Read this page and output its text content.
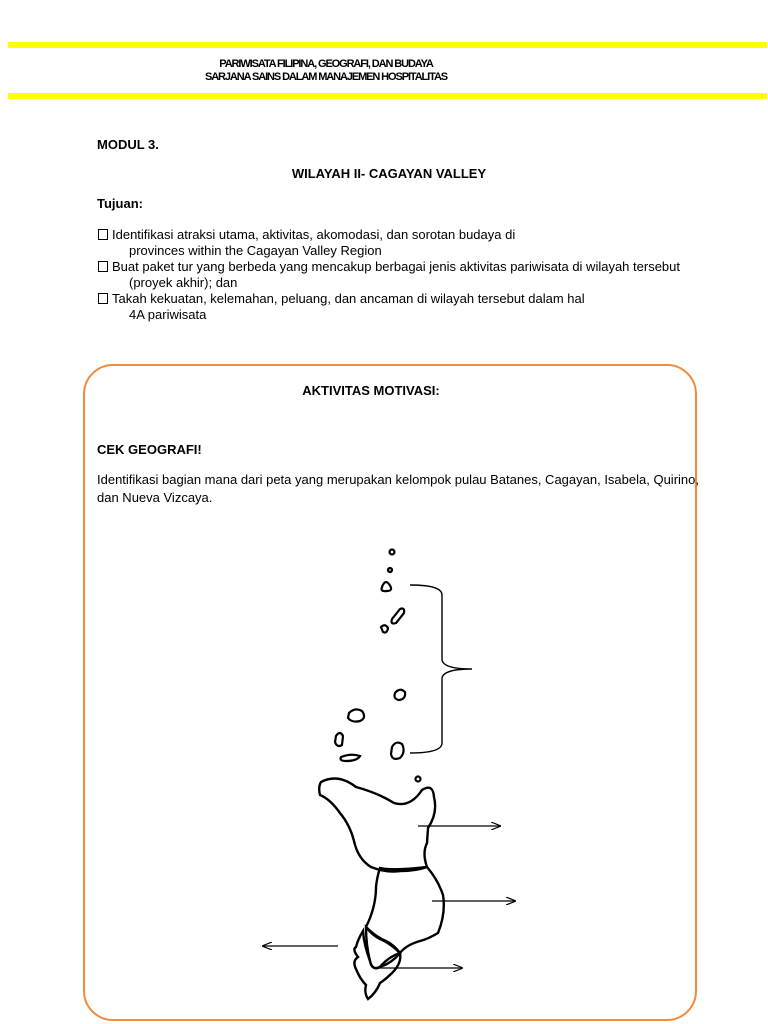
PARIWISATA FILIPINA, GEOGRAFI, DAN BUDAYA
SARJANA SAINS DALAM MANAJEMEN HOSPITALITAS
MODUL 3.
WILAYAH II- CAGAYAN VALLEY
Tujuan:
Identifikasi atraksi utama, aktivitas, akomodasi, dan sorotan budaya di
provinces within the Cagayan Valley Region
Buat paket tur yang berbeda yang mencakup berbagai jenis aktivitas pariwisata di wilayah tersebut
(proyek akhir); dan
Takah kekuatan, kelemahan, peluang, dan ancaman di wilayah tersebut dalam hal
4A pariwisata
AKTIVITAS MOTIVASI:
CEK GEOGRAFI!
Identifikasi bagian mana dari peta yang merupakan kelompok pulau Batanes, Cagayan, Isabela, Quirino, dan Nueva Vizcaya.
